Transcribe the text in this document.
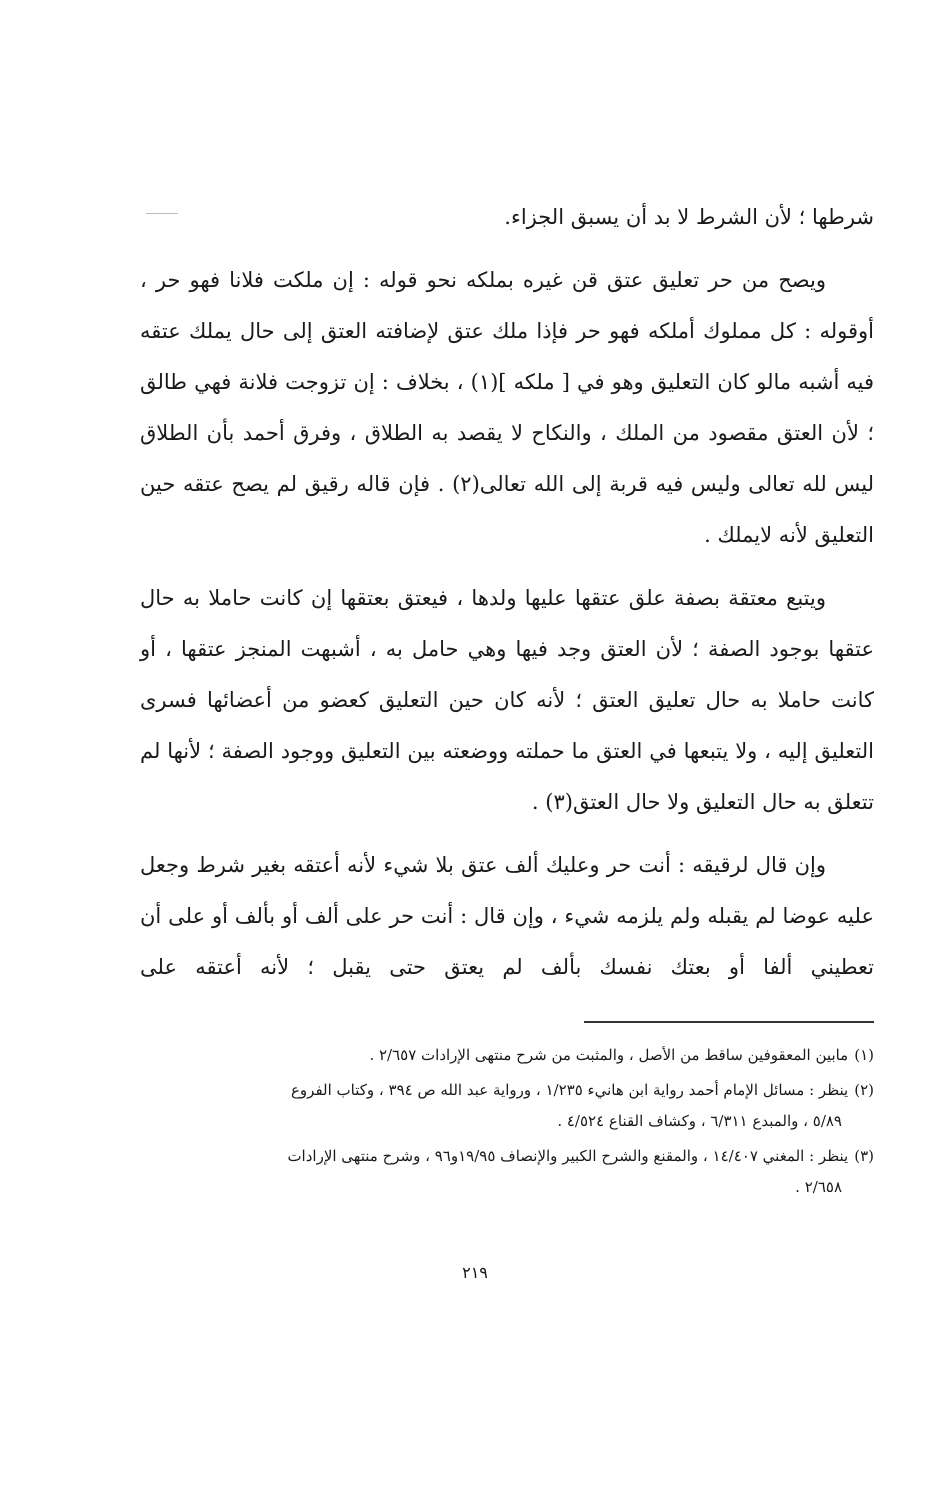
شرطها ؛ لأن الشرط لا بد أن يسبق الجزاء.

ويصح من حر تعليق عتق قن غيره بملكه نحو قوله : إن ملكت فلانا فهو حر ، أوقوله : كل مملوك أملكه فهو حر فإذا ملك عتق لإضافته العتق إلى حال يملك عتقه فيه أشبه مالو كان التعليق وهو في [ ملكه ](١) ، بخلاف : إن تزوجت فلانة فهي طالق ؛ لأن العتق مقصود من الملك ، والنكاح لا يقصد به الطلاق ، وفرق أحمد بأن الطلاق ليس لله تعالى وليس فيه قربة إلى الله تعالى(٢) . فإن قاله رقيق لم يصح عتقه حين التعليق لأنه لايملك .

ويتبع معتقة بصفة علق عتقها عليها ولدها ، فيعتق بعتقها إن كانت حاملا به حال عتقها بوجود الصفة ؛ لأن العتق وجد فيها وهي حامل به ، أشبهت المنجز عتقها ، أو كانت حاملا به حال تعليق العتق ؛ لأنه كان حين التعليق كعضو من أعضائها فسرى التعليق إليه ، ولا يتبعها في العتق ما حملته ووضعته بين التعليق ووجود الصفة ؛ لأنها لم تتعلق به حال التعليق ولا حال العتق(٣) .

وإن قال لرقيقه : أنت حر وعليك ألف عتق بلا شيء لأنه أعتقه بغير شرط وجعل عليه عوضا لم يقبله ولم يلزمه شيء ، وإن قال : أنت حر على ألف أو بألف أو على أن تعطيني ألفا أو بعتك نفسك بألف لم يعتق حتى يقبل ؛ لأنه أعتقه على

(١)مابين المعقوفين ساقط من الأصل ، والمثبت من شرح منتهى الإرادات ٢/٦٥٧ .
(٢)ينظر : مسائل الإمام أحمد رواية ابن هانيء ١/٢٣٥ ، ورواية عبد الله ص ٣٩٤ ، وكتاب الفروع
٥/٨٩ ، والمبدع ٦/٣١١ ، وكشاف القناع ٤/٥٢٤ .
(٣)ينظر : المغني ١٤/٤٠٧ ، والمقنع والشرح الكبير والإنصاف ١٩/٩٥و٩٦ ، وشرح منتهى الإرادات
٢/٦٥٨ .
٢١٩
